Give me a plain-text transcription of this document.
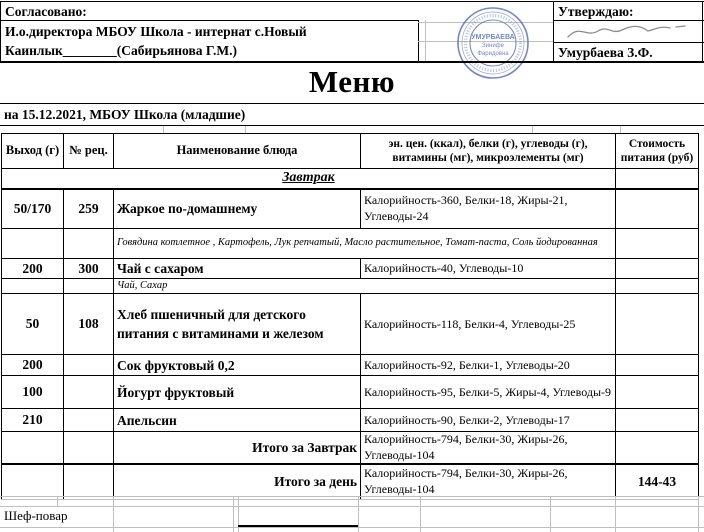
Согласовано:
И.о.директора МБОУ Школа - интернат с.Новый
Каинлык________(Сабирьянова Г.М.)
Утверждаю:
Умурбаева З.Ф.
УМУРБАЕВА
Зинифе
Фаридовна
Меню
на 15.12.2021, МБОУ Школа (младшие)
Выход (г)	№ рец.	Наименование блюда	эн. цен. (ккал), белки (г), углеводы (г), витамины (мг), микроэлементы (мг)	Стоимость питания (руб)
Завтрак				
50/170	259	Жаркое по-домашнему	Калорийность-360, Белки-18, Жиры-21, Углеводы-24	
		Говядина котлетное , Картофель, Лук репчатый, Масло растительное, Томат-паста, Соль йодированная		
200	300	Чай с сахаром	Калорийность-40, Углеводы-10	
		Чай, Сахар		
50	108	Хлеб пшеничный для детского питания с витаминами и железом	Калорийность-118, Белки-4, Углеводы-25	
200		Сок фруктовый 0,2	Калорийность-92, Белки-1, Углеводы-20	
100		Йогурт фруктовый	Калорийность-95, Белки-5, Жиры-4, Углеводы-9	
210		Апельсин	Калорийность-90, Белки-2, Углеводы-17	
		Итого за Завтрак	Калорийность-794, Белки-30, Жиры-26, Углеводы-104	
		Итого за день	Калорийность-794, Белки-30, Жиры-26, Углеводы-104	144-43
Шеф-повар
